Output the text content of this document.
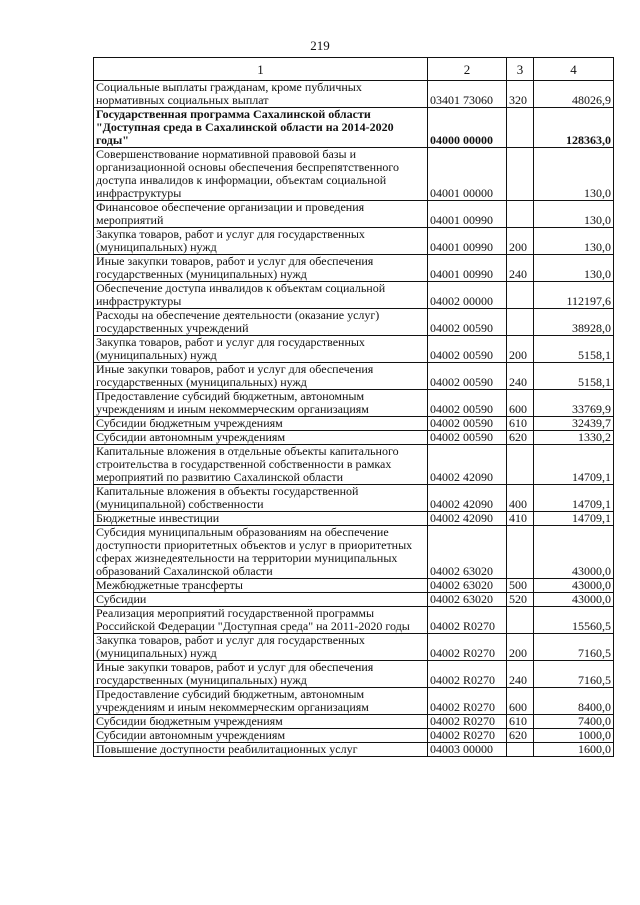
219
1	2	3	4
Социальные выплаты гражданам, кроме публичных нормативных социальных выплат	03401 73060	320	48026,9
Государственная программа Сахалинской области "Доступная среда в Сахалинской области на 2014-2020 годы"	04000 00000		128363,0
Совершенствование нормативной правовой базы и организационной основы обеспечения беспрепятственного доступа инвалидов к информации, объектам социальной инфраструктуры	04001 00000		130,0
Финансовое обеспечение организации и проведения мероприятий	04001 00990		130,0
Закупка товаров, работ и услуг для государственных (муниципальных) нужд	04001 00990	200	130,0
Иные закупки товаров, работ и услуг для обеспечения государственных (муниципальных) нужд	04001 00990	240	130,0
Обеспечение доступа инвалидов к объектам социальной инфраструктуры	04002 00000		112197,6
Расходы на обеспечение деятельности (оказание услуг) государственных учреждений	04002 00590		38928,0
Закупка товаров, работ и услуг для государственных (муниципальных) нужд	04002 00590	200	5158,1
Иные закупки товаров, работ и услуг для обеспечения государственных (муниципальных) нужд	04002 00590	240	5158,1
Предоставление субсидий бюджетным, автономным учреждениям и иным некоммерческим организациям	04002 00590	600	33769,9
Субсидии бюджетным учреждениям	04002 00590	610	32439,7
Субсидии автономным учреждениям	04002 00590	620	1330,2
Капитальные вложения в отдельные объекты капитального строительства в государственной собственности в рамках мероприятий по развитию Сахалинской области	04002 42090		14709,1
Капитальные вложения в объекты государственной (муниципальной) собственности	04002 42090	400	14709,1
Бюджетные инвестиции	04002 42090	410	14709,1
Субсидия муниципальным образованиям на обеспечение доступности приоритетных объектов и услуг в приоритетных сферах жизнедеятельности на территории муниципальных образований Сахалинской области	04002 63020		43000,0
Межбюджетные трансферты	04002 63020	500	43000,0
Субсидии	04002 63020	520	43000,0
Реализация мероприятий государственной программы Российской Федерации "Доступная среда" на 2011-2020 годы	04002 R0270		15560,5
Закупка товаров, работ и услуг для государственных (муниципальных) нужд	04002 R0270	200	7160,5
Иные закупки товаров, работ и услуг для обеспечения государственных (муниципальных) нужд	04002 R0270	240	7160,5
Предоставление субсидий бюджетным, автономным учреждениям и иным некоммерческим организациям	04002 R0270	600	8400,0
Субсидии бюджетным учреждениям	04002 R0270	610	7400,0
Субсидии автономным учреждениям	04002 R0270	620	1000,0
Повышение доступности реабилитационных услуг	04003 00000		1600,0
